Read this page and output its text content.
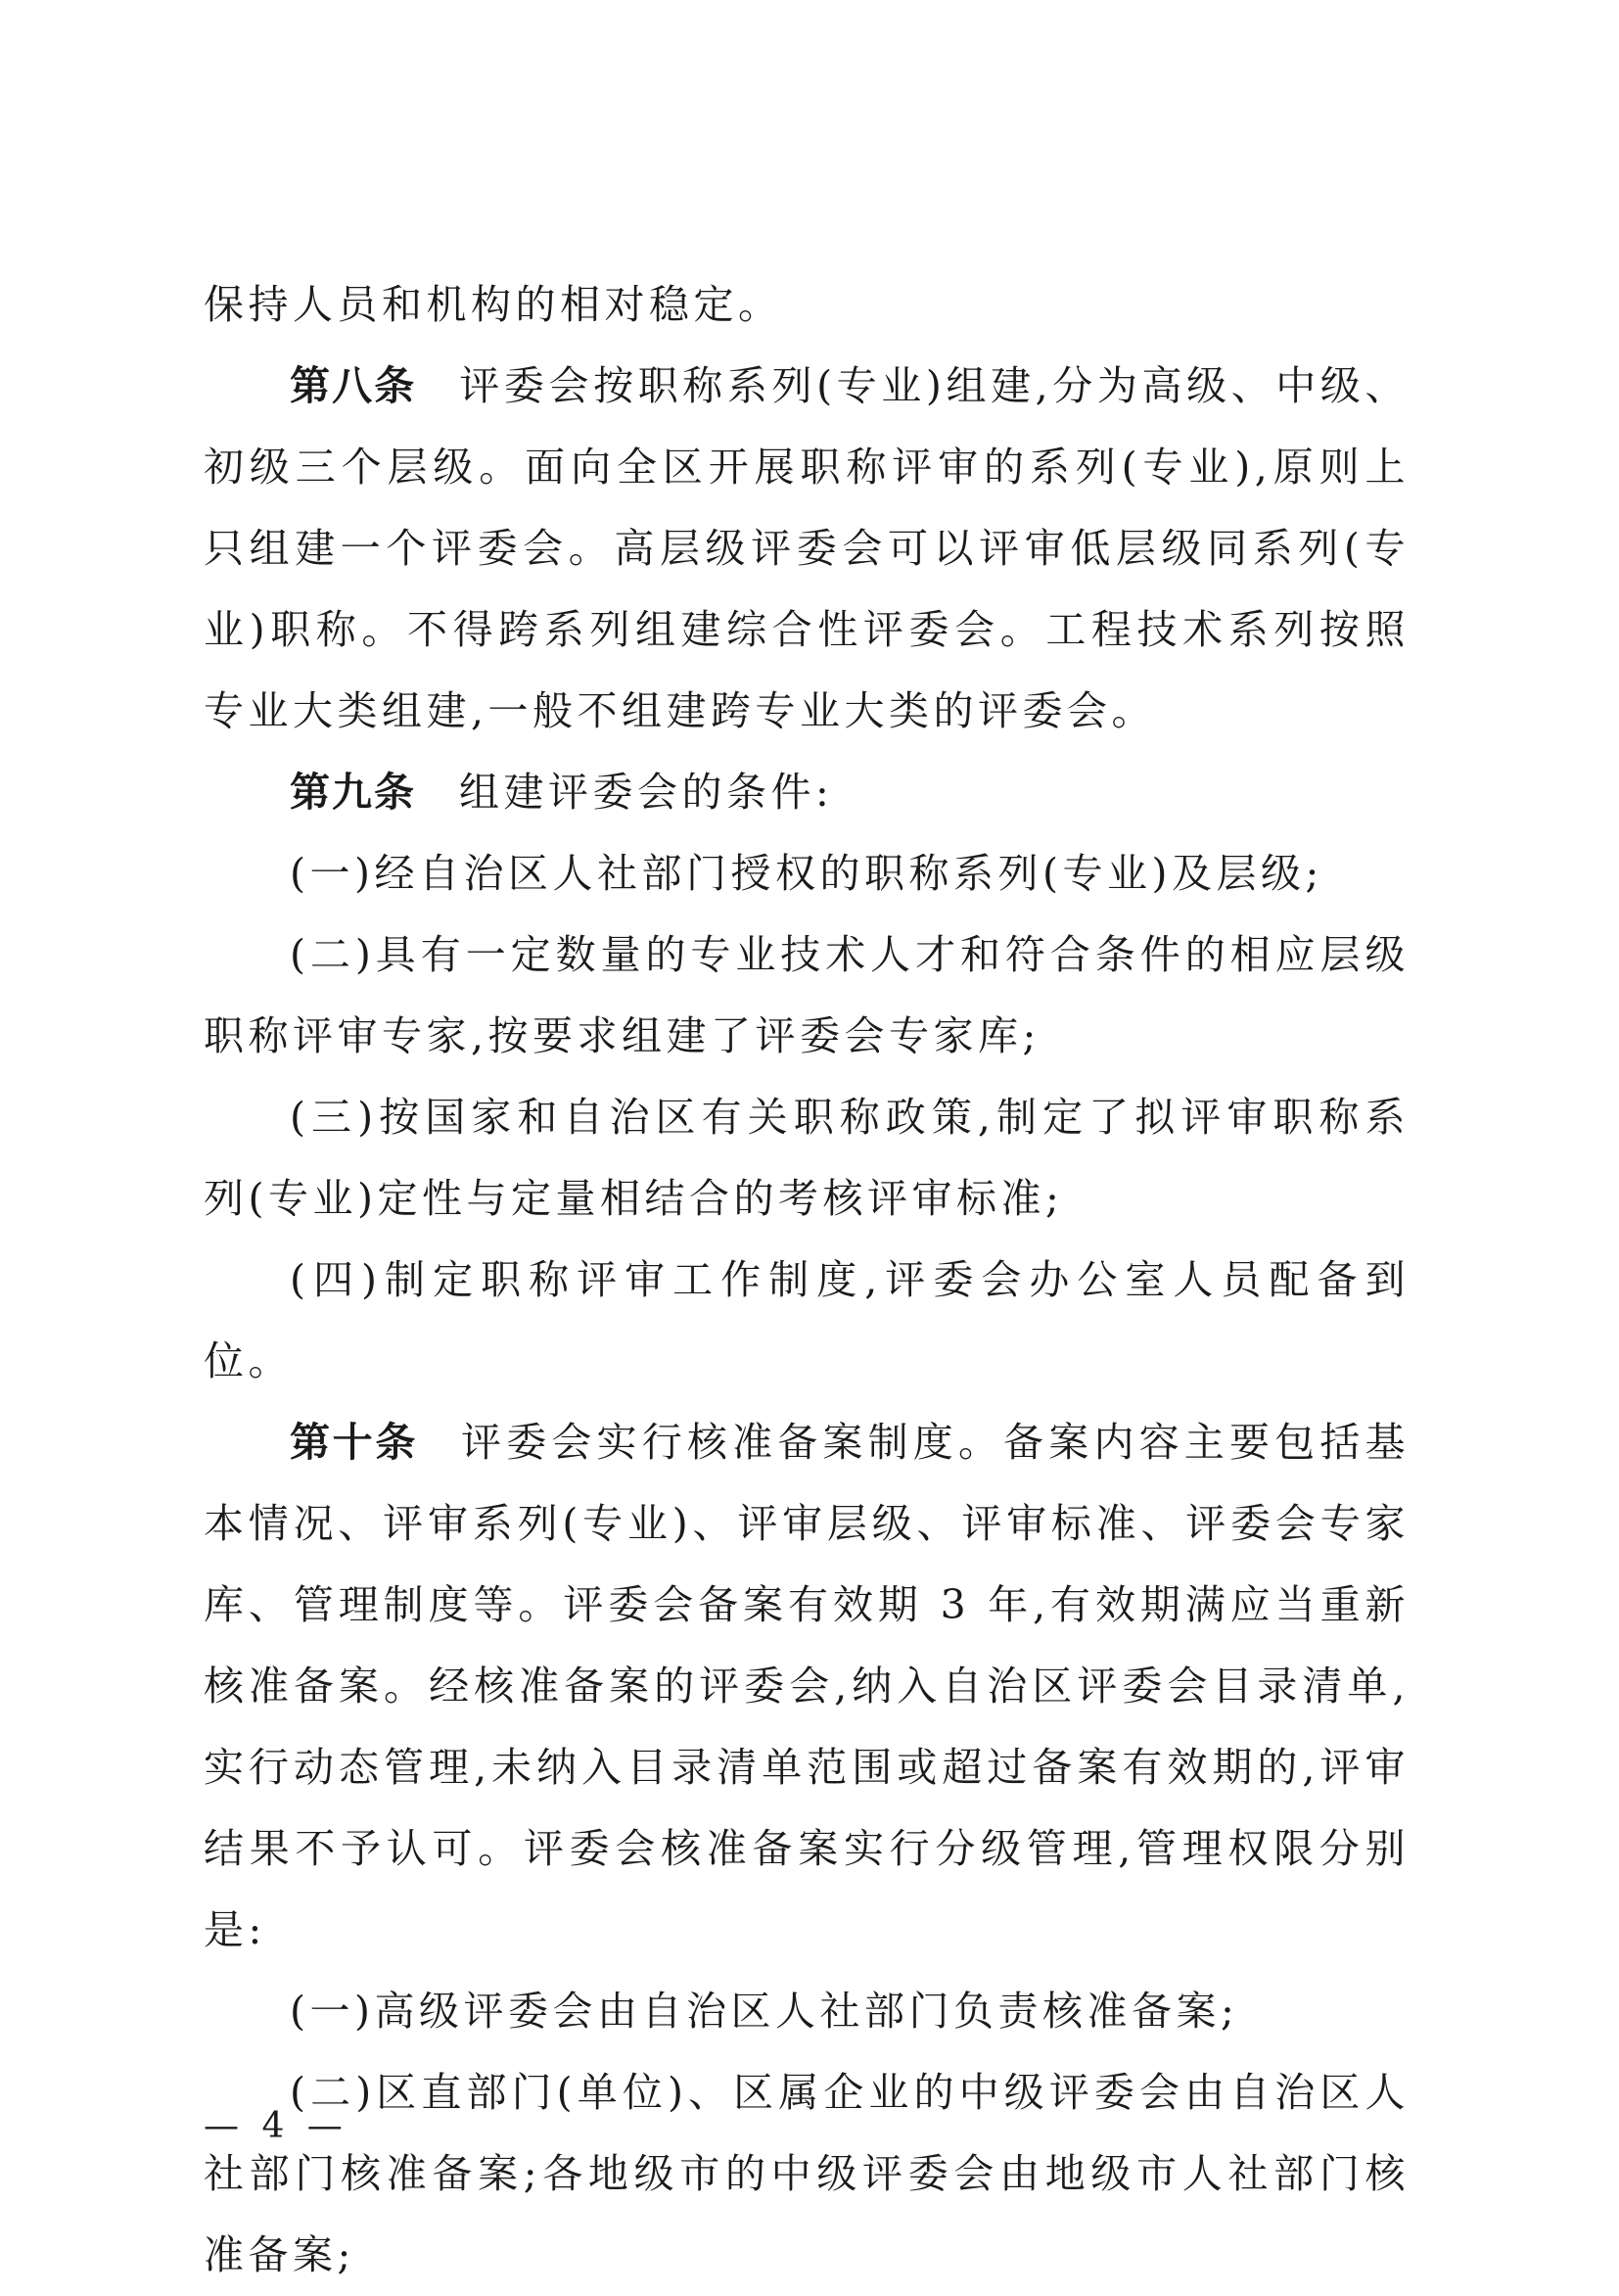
保持人员和机构的相对稳定。

第八条 评委会按职称系列(专业)组建,分为高级、中级、初级三个层级。面向全区开展职称评审的系列(专业),原则上只组建一个评委会。高层级评委会可以评审低层级同系列(专业)职称。不得跨系列组建综合性评委会。工程技术系列按照专业大类组建,一般不组建跨专业大类的评委会。

第九条 组建评委会的条件:

(一)经自治区人社部门授权的职称系列(专业)及层级;

(二)具有一定数量的专业技术人才和符合条件的相应层级职称评审专家,按要求组建了评委会专家库;

(三)按国家和自治区有关职称政策,制定了拟评审职称系列(专业)定性与定量相结合的考核评审标准;

(四)制定职称评审工作制度,评委会办公室人员配备到位。

第十条 评委会实行核准备案制度。备案内容主要包括基本情况、评审系列(专业)、评审层级、评审标准、评委会专家库、管理制度等。评委会备案有效期 3 年,有效期满应当重新核准备案。经核准备案的评委会,纳入自治区评委会目录清单,实行动态管理,未纳入目录清单范围或超过备案有效期的,评审结果不予认可。评委会核准备案实行分级管理,管理权限分别是:

(一)高级评委会由自治区人社部门负责核准备案;

(二)区直部门(单位)、区属企业的中级评委会由自治区人社部门核准备案;各地级市的中级评委会由地级市人社部门核准备案;

— 4 —
